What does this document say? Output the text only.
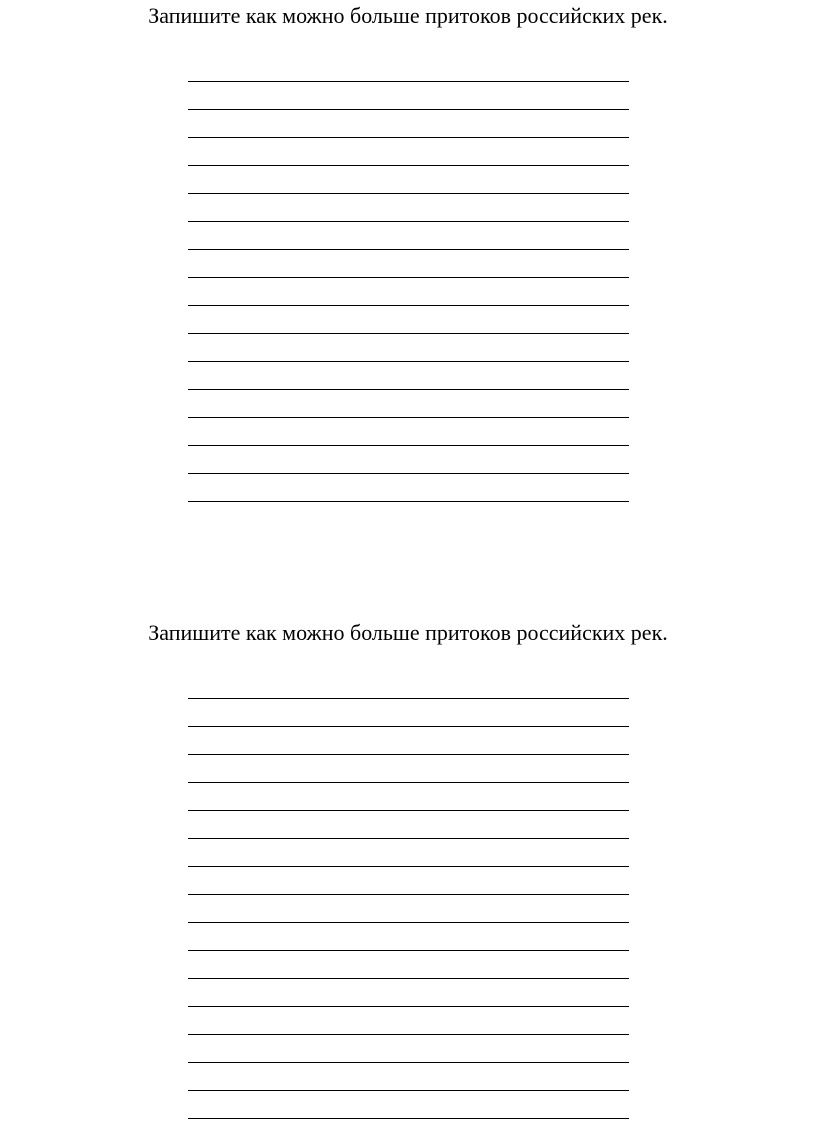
Запишите как можно больше притоков российских рек.
Запишите как можно больше притоков российских рек.
